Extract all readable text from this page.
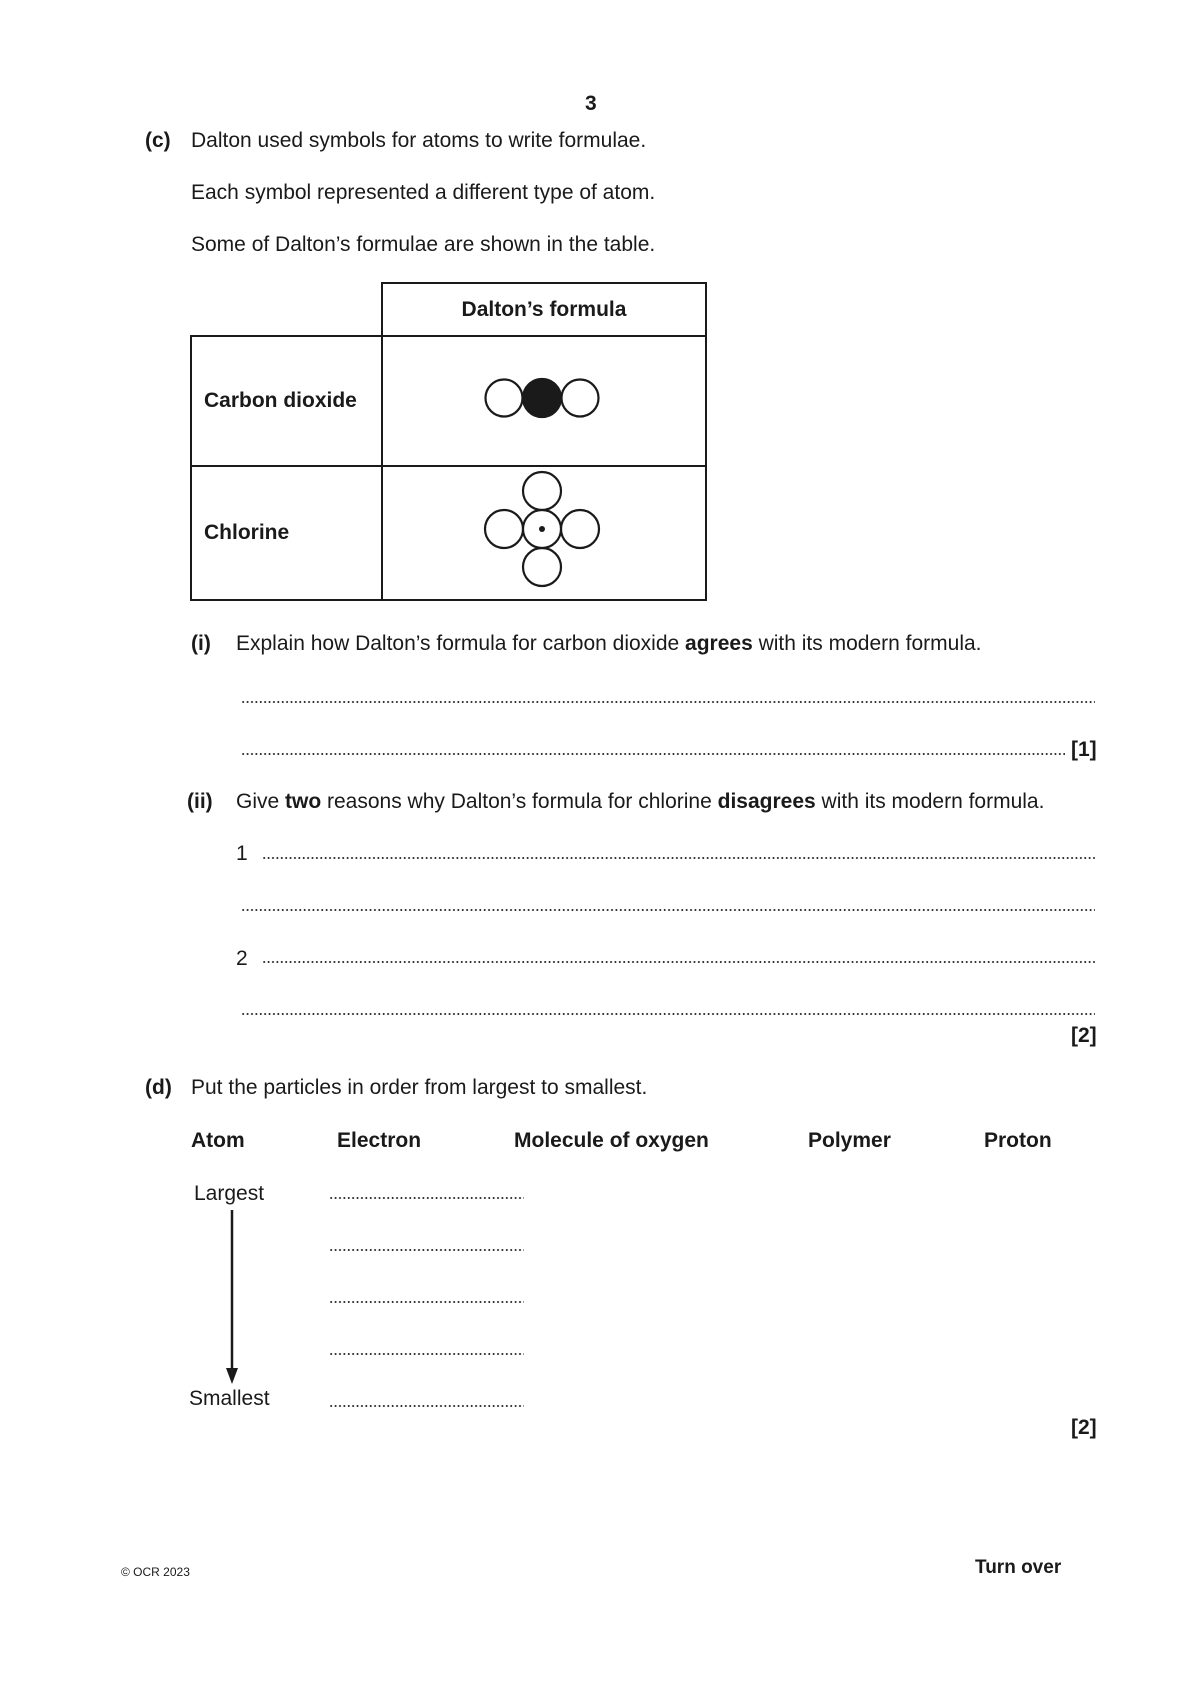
3
(c) Dalton used symbols for atoms to write formulae.
Each symbol represented a different type of atom.
Some of Dalton’s formulae are shown in the table.
	Dalton’s formula
Carbon dioxide	
Chlorine	
(i) Explain how Dalton’s formula for carbon dioxide agrees with its modern formula.
[1]
(ii) Give two reasons why Dalton’s formula for chlorine disagrees with its modern formula.
1
2
[2]
(d) Put the particles in order from largest to smallest.
Atom	Electron	Molecule of oxygen	Polymer	Proton
Largest
Smallest
[2]
© OCR 2023	Turn over
